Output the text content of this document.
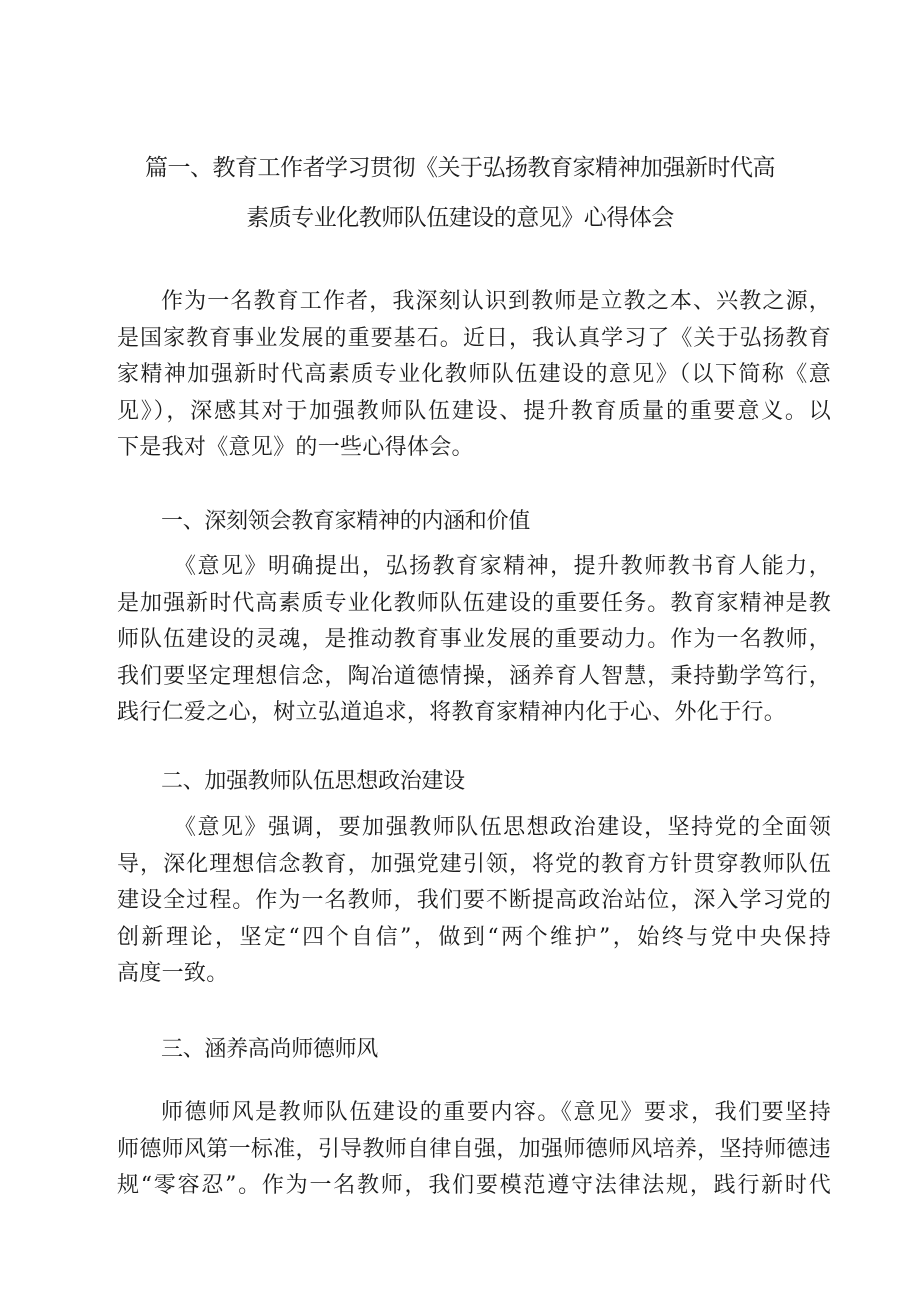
篇一、教育工作者学习贯彻《关于弘扬教育家精神加强新时代高
素质专业化教师队伍建设的意见》心得体会
作为一名教育工作者，我深刻认识到教师是立教之本、兴教之源，
是国家教育事业发展的重要基石。近日，我认真学习了《关于弘扬教育
家精神加强新时代高素质专业化教师队伍建设的意见》（以下简称《意
见》），深感其对于加强教师队伍建设、提升教育质量的重要意义。以
下是我对《意见》的一些心得体会。
一、深刻领会教育家精神的内涵和价值
《意见》明确提出，弘扬教育家精神，提升教师教书育人能力，
是加强新时代高素质专业化教师队伍建设的重要任务。教育家精神是教
师队伍建设的灵魂，是推动教育事业发展的重要动力。作为一名教师，
我们要坚定理想信念，陶冶道德情操，涵养育人智慧，秉持勤学笃行，
践行仁爱之心，树立弘道追求，将教育家精神内化于心、外化于行。
二、加强教师队伍思想政治建设
《意见》强调，要加强教师队伍思想政治建设，坚持党的全面领
导，深化理想信念教育，加强党建引领，将党的教育方针贯穿教师队伍
建设全过程。作为一名教师，我们要不断提高政治站位，深入学习党的
创新理论，坚定“四个自信”，做到“两个维护”，始终与党中央保持
高度一致。
三、涵养高尚师德师风
师德师风是教师队伍建设的重要内容。《意见》要求，我们要坚持
师德师风第一标准，引导教师自律自强，加强师德师风培养，坚持师德违
规“零容忍”。作为一名教师，我们要模范遵守法律法规，践行新时代
